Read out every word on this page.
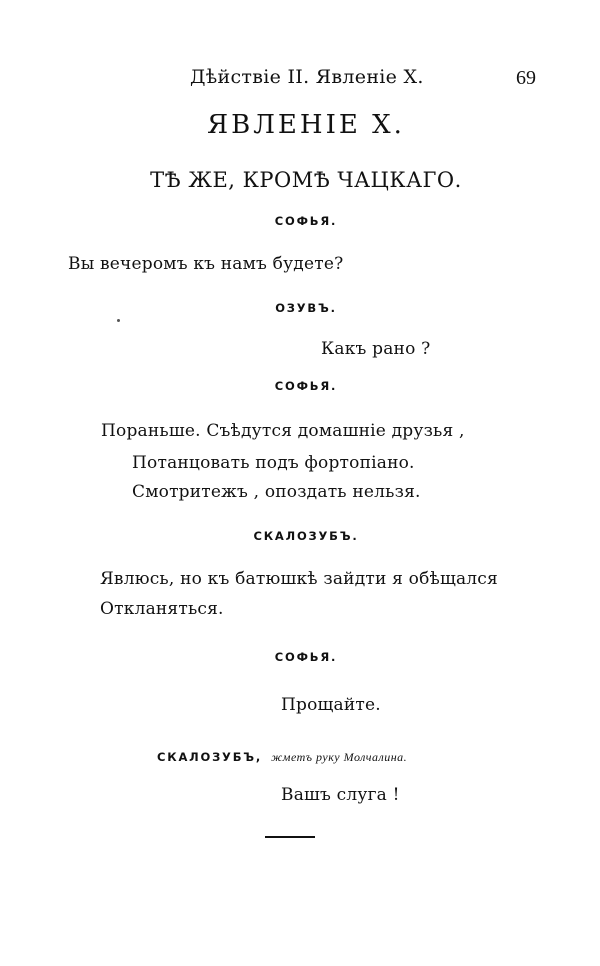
Дѣйствіе II. Явленіе X.	69
ЯВЛЕНІЕ X.
ТѢ ЖЕ, КРОМѢ ЧАЦКАГО.
СОФЬЯ.
Вы вечеромъ къ намъ будете?
ОЗУВЪ.
Какъ рано ?
СОФЬЯ.
Пораньше. Съѣдутся домашніе друзья ,
Потанцовать подъ фортопіано.
Смотритежъ , опоздать нельзя.
СКАЛОЗУБЪ.
Явлюсь, но къ батюшкѣ зайдти я обѣщался
Откланяться.
СОФЬЯ.
Прощайте.
СКАЛОЗУБЪ, жметъ руку Молчалина.
Вашъ слуга !
